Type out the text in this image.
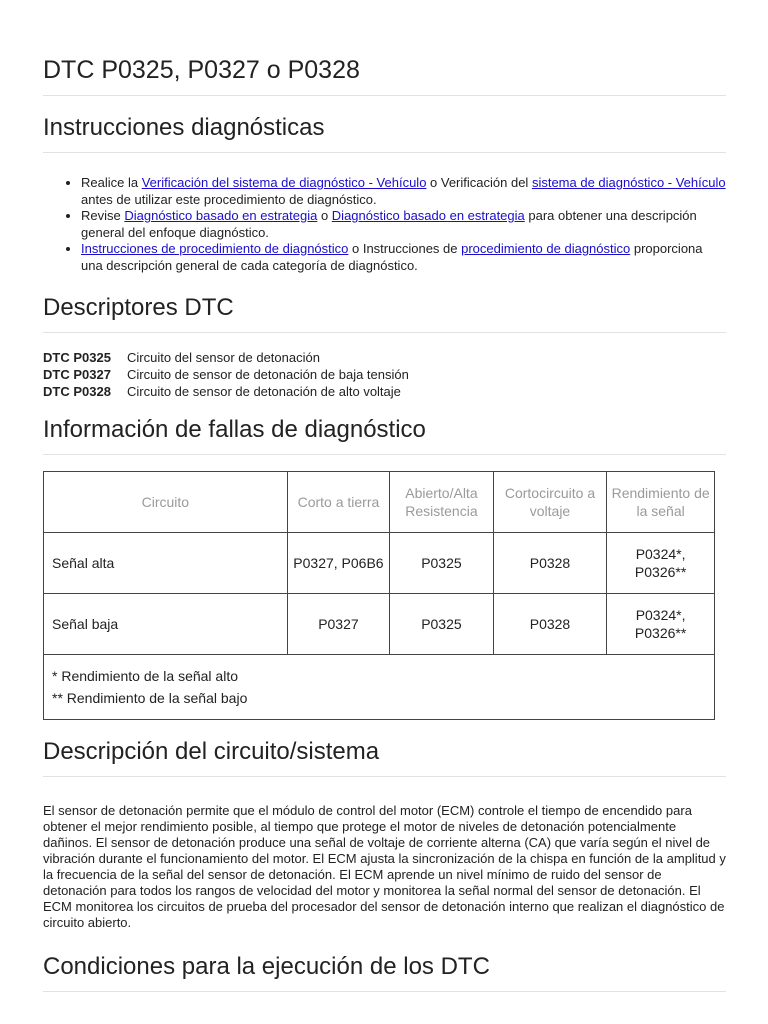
DTC P0325, P0327 o P0328
Instrucciones diagnósticas
• Realice la Verificación del sistema de diagnóstico - Vehículo o Verificación del sistema de diagnóstico - Vehículo antes de utilizar este procedimiento de diagnóstico.
• Revise Diagnóstico basado en estrategia o Diagnóstico basado en estrategia para obtener una descripción general del enfoque diagnóstico.
• Instrucciones de procedimiento de diagnóstico o Instrucciones de procedimiento de diagnóstico proporciona una descripción general de cada categoría de diagnóstico.
Descriptores DTC
DTC P0325	Circuito del sensor de detonación
DTC P0327	Circuito de sensor de detonación de baja tensión
DTC P0328	Circuito de sensor de detonación de alto voltaje
Información de fallas de diagnóstico
Circuito	Corto a tierra	Abierto/Alta Resistencia	Cortocircuito a voltaje	Rendimiento de la señal
Señal alta	P0327, P06B6	P0325	P0328	P0324*, P0326**
Señal baja	P0327	P0325	P0328	P0324*, P0326**

* Rendimiento de la señal alto
** Rendimiento de la señal bajo				
Descripción del circuito/sistema

El sensor de detonación permite que el módulo de control del motor (ECM) controle el tiempo de encendido para obtener el mejor rendimiento posible, al tiempo que protege el motor de niveles de detonación potencialmente dañinos. El sensor de detonación produce una señal de voltaje de corriente alterna (CA) que varía según el nivel de vibración durante el funcionamiento del motor. El ECM ajusta la sincronización de la chispa en función de la amplitud y la frecuencia de la señal del sensor de detonación. El ECM aprende un nivel mínimo de ruido del sensor de detonación para todos los rangos de velocidad del motor y monitorea la señal normal del sensor de detonación. El ECM monitorea los circuitos de prueba del procesador del sensor de detonación interno que realizan el diagnóstico de circuito abierto.

Condiciones para la ejecución de los DTC
